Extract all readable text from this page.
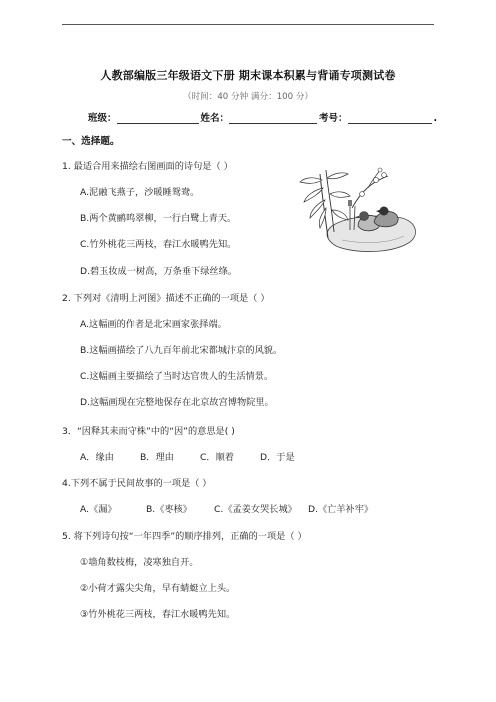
人教部编版三年级语文下册 期末课本积累与背诵专项测试卷
（时间：40 分钟 满分：100 分）
班级：	姓名：	考号：	.
一、选择题。
1. 最适合用来描绘右图画面的诗句是（ ）
A.泥融飞燕子，沙暖睡鸳鸯。
B.两个黄鹂鸣翠柳，一行白鹭上青天。
C.竹外桃花三两枝，春江水暖鸭先知。
D.碧玉妆成一树高，万条垂下绿丝绦。
2. 下列对《清明上河图》描述不正确的一项是（ ）
A.这幅画的作者是北宋画家张择端。
B.这幅画描绘了八九百年前北宋都城汴京的风貌。
C.这幅画主要描绘了当时达官贵人的生活情景。
D.这幅画现在完整地保存在北京故宫博物院里。
3．“因释其耒而守株”中的“因”的意思是( )
A．缘由	B．理由	C．顺着	D．于是
4.下列不属于民间故事的一项是（ ）
A.《漏》	B.《枣核》 C.《孟姜女哭长城》 D.《亡羊补牢》
5. 将下列诗句按“一年四季”的顺序排列，正确的一项是（ ）
①墙角数枝梅，凌寒独自开。
②小荷才露尖尖角，早有蜻蜓立上头。
③竹外桃花三两枝，春江水暖鸭先知。
